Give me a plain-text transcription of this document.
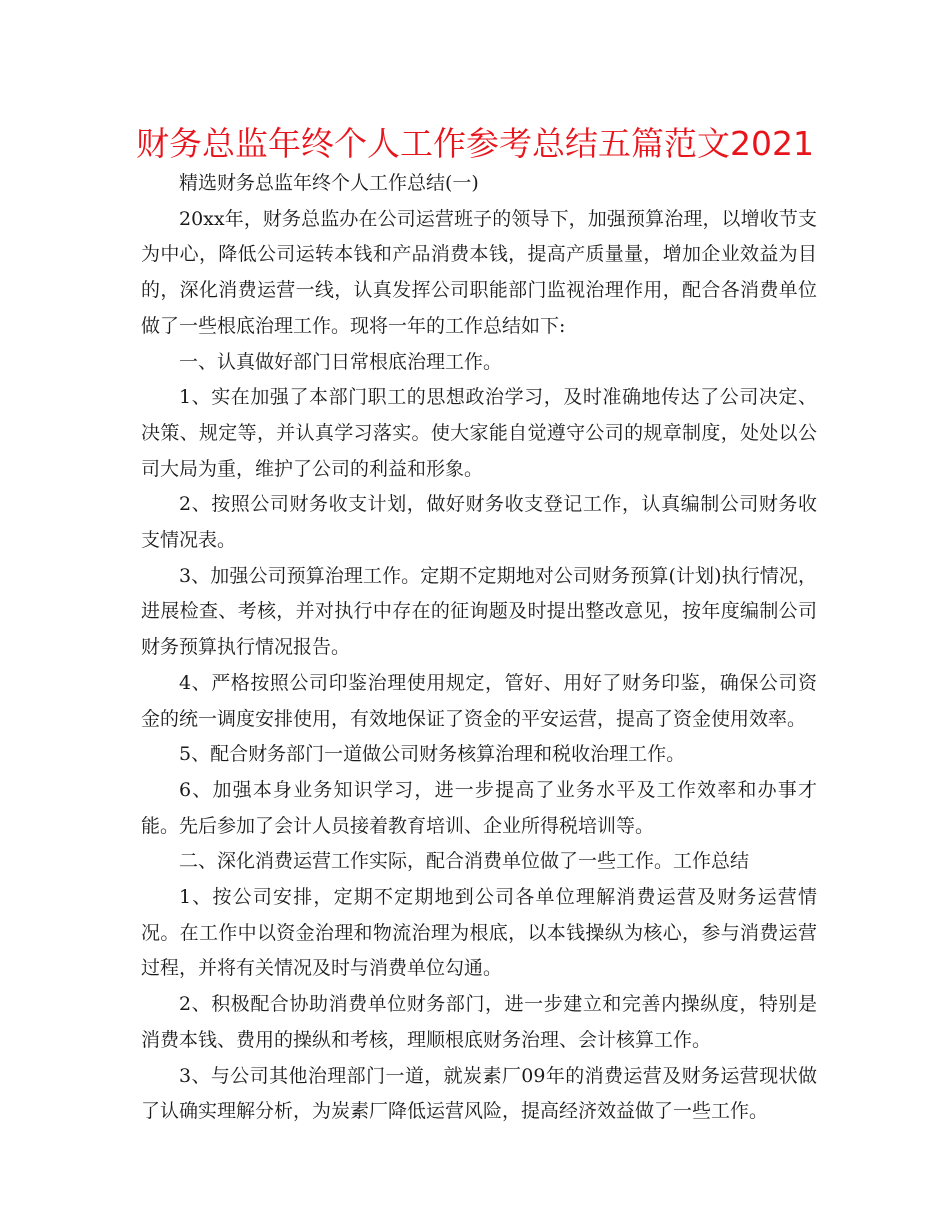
财务总监年终个人工作参考总结五篇范文2021

精选财务总监年终个人工作总结(一)

20xx年，财务总监办在公司运营班子的领导下，加强预算治理，以增收节支为中心，降低公司运转本钱和产品消费本钱，提高产质量量，增加企业效益为目的，深化消费运营一线，认真发挥公司职能部门监视治理作用，配合各消费单位做了一些根底治理工作。现将一年的工作总结如下:

一、认真做好部门日常根底治理工作。

1、实在加强了本部门职工的思想政治学习，及时准确地传达了公司决定、决策、规定等，并认真学习落实。使大家能自觉遵守公司的规章制度，处处以公司大局为重，维护了公司的利益和形象。

2、按照公司财务收支计划，做好财务收支登记工作，认真编制公司财务收支情况表。

3、加强公司预算治理工作。定期不定期地对公司财务预算(计划)执行情况，进展检查、考核，并对执行中存在的征询题及时提出整改意见，按年度编制公司财务预算执行情况报告。

4、严格按照公司印鉴治理使用规定，管好、用好了财务印鉴，确保公司资金的统一调度安排使用，有效地保证了资金的平安运营，提高了资金使用效率。

5、配合财务部门一道做公司财务核算治理和税收治理工作。

6、加强本身业务知识学习，进一步提高了业务水平及工作效率和办事才能。先后参加了会计人员接着教育培训、企业所得税培训等。

二、深化消费运营工作实际，配合消费单位做了一些工作。工作总结

1、按公司安排，定期不定期地到公司各单位理解消费运营及财务运营情况。在工作中以资金治理和物流治理为根底，以本钱操纵为核心，参与消费运营过程，并将有关情况及时与消费单位勾通。

2、积极配合协助消费单位财务部门，进一步建立和完善内操纵度，特别是消费本钱、费用的操纵和考核，理顺根底财务治理、会计核算工作。

3、与公司其他治理部门一道，就炭素厂09年的消费运营及财务运营现状做了认确实理解分析，为炭素厂降低运营风险，提高经济效益做了一些工作。
